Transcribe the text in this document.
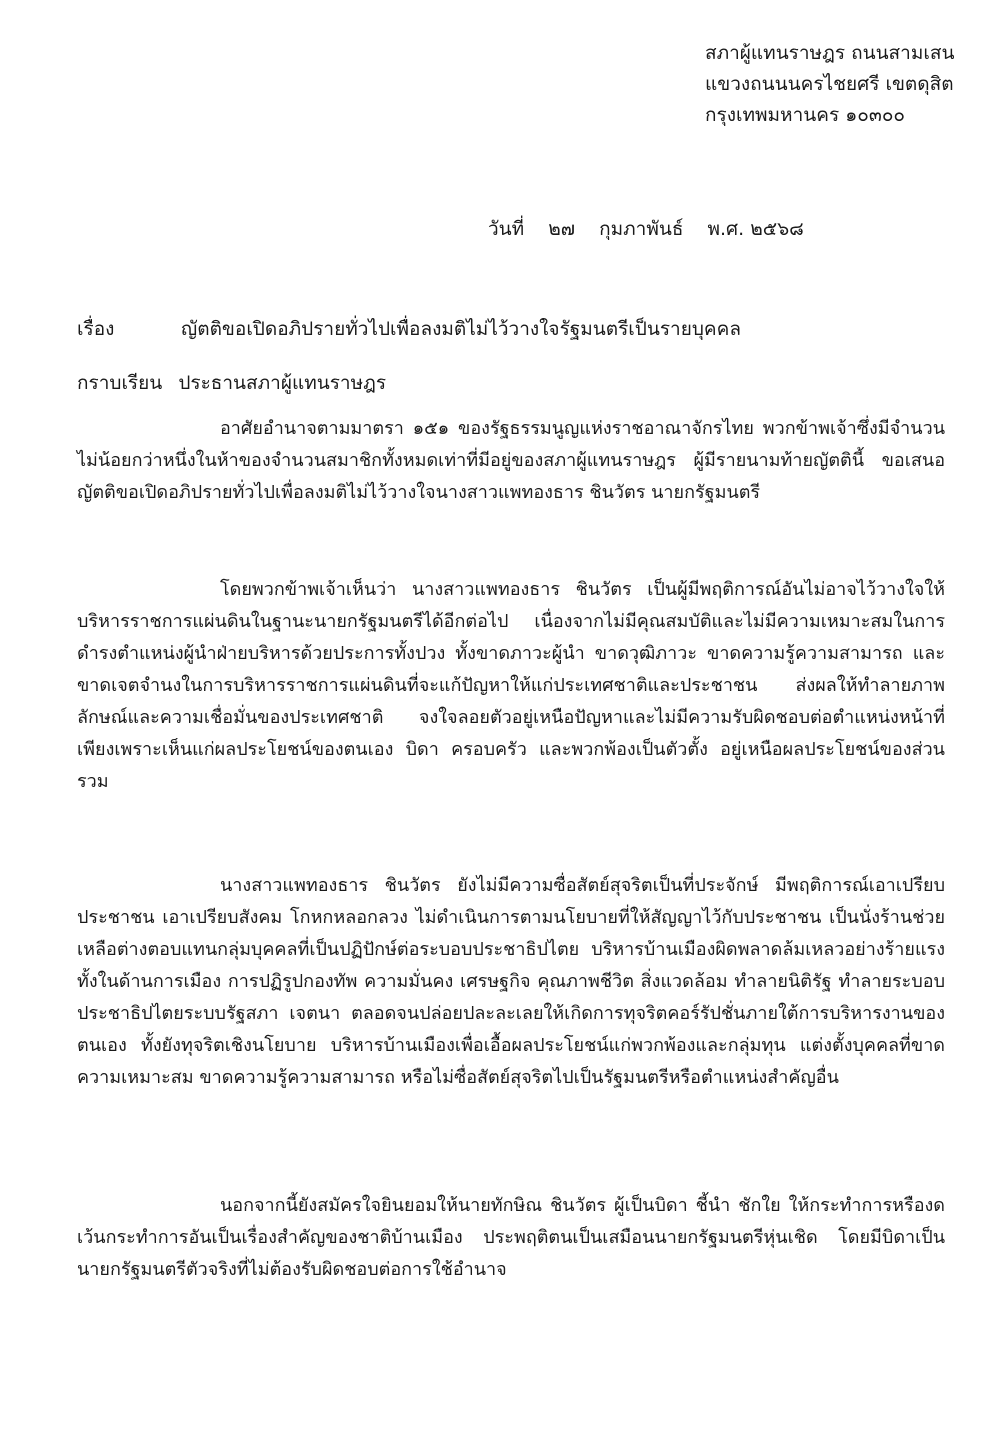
สภาผู้แทนราษฎร ถนนสามเสน
แขวงถนนนครไชยศรี เขตดุสิต
กรุงเทพมหานคร ๑๐๓๐๐
วันที่ ๒๗ กุมภาพันธ์ พ.ศ. ๒๕๖๘
เรื่อง	ญัตติขอเปิดอภิปรายทั่วไปเพื่อลงมติไม่ไว้วางใจรัฐมนตรีเป็นรายบุคคล
กราบเรียน ประธานสภาผู้แทนราษฎร

อาศัยอำนาจตามมาตรา ๑๕๑ ของรัฐธรรมนูญแห่งราชอาณาจักรไทย พวกข้าพเจ้าซึ่งมีจำนวนไม่น้อยกว่าหนึ่งในห้าของจำนวนสมาชิกทั้งหมดเท่าที่มีอยู่ของสภาผู้แทนราษฎร ผู้มีรายนามท้ายญัตตินี้ ขอเสนอญัตติขอเปิดอภิปรายทั่วไปเพื่อลงมติไม่ไว้วางใจนางสาวแพทองธาร ชินวัตร นายกรัฐมนตรี

โดยพวกข้าพเจ้าเห็นว่า นางสาวแพทองธาร ชินวัตร เป็นผู้มีพฤติการณ์อันไม่อาจไว้วางใจให้บริหารราชการแผ่นดินในฐานะนายกรัฐมนตรีได้อีกต่อไป เนื่องจากไม่มีคุณสมบัติและไม่มีความเหมาะสมในการดำรงตำแหน่งผู้นำฝ่ายบริหารด้วยประการทั้งปวง ทั้งขาดภาวะผู้นำ ขาดวุฒิภาวะ ขาดความรู้ความสามารถ และขาดเจตจำนงในการบริหารราชการแผ่นดินที่จะแก้ปัญหาให้แก่ประเทศชาติและประชาชน ส่งผลให้ทำลายภาพลักษณ์และความเชื่อมั่นของประเทศชาติ จงใจลอยตัวอยู่เหนือปัญหาและไม่มีความรับผิดชอบต่อตำแหน่งหน้าที่เพียงเพราะเห็นแก่ผลประโยชน์ของตนเอง บิดา ครอบครัว และพวกพ้องเป็นตัวตั้ง อยู่เหนือผลประโยชน์ของส่วนรวม

นางสาวแพทองธาร ชินวัตร ยังไม่มีความซื่อสัตย์สุจริตเป็นที่ประจักษ์ มีพฤติการณ์เอาเปรียบประชาชน เอาเปรียบสังคม โกหกหลอกลวง ไม่ดำเนินการตามนโยบายที่ให้สัญญาไว้กับประชาชน เป็นนั่งร้านช่วยเหลือต่างตอบแทนกลุ่มบุคคลที่เป็นปฏิปักษ์ต่อระบอบประชาธิปไตย บริหารบ้านเมืองผิดพลาดล้มเหลวอย่างร้ายแรงทั้งในด้านการเมือง การปฏิรูปกองทัพ ความมั่นคง เศรษฐกิจ คุณภาพชีวิต สิ่งแวดล้อม ทำลายนิติรัฐ ทำลายระบอบประชาธิปไตยระบบรัฐสภา เจตนา ตลอดจนปล่อยปละละเลยให้เกิดการทุจริตคอร์รัปชั่นภายใต้การบริหารงานของตนเอง ทั้งยังทุจริตเชิงนโยบาย บริหารบ้านเมืองเพื่อเอื้อผลประโยชน์แก่พวกพ้องและกลุ่มทุน แต่งตั้งบุคคลที่ขาดความเหมาะสม ขาดความรู้ความสามารถ หรือไม่ซื่อสัตย์สุจริตไปเป็นรัฐมนตรีหรือตำแหน่งสำคัญอื่น

นอกจากนี้ยังสมัครใจยินยอมให้นายทักษิณ ชินวัตร ผู้เป็นบิดา ชี้นำ ชักใย ให้กระทำการหรืองดเว้นกระทำการอันเป็นเรื่องสำคัญของชาติบ้านเมือง ประพฤติตนเป็นเสมือนนายกรัฐมนตรีหุ่นเชิด โดยมีบิดาเป็นนายกรัฐมนตรีตัวจริงที่ไม่ต้องรับผิดชอบต่อการใช้อำนาจ
